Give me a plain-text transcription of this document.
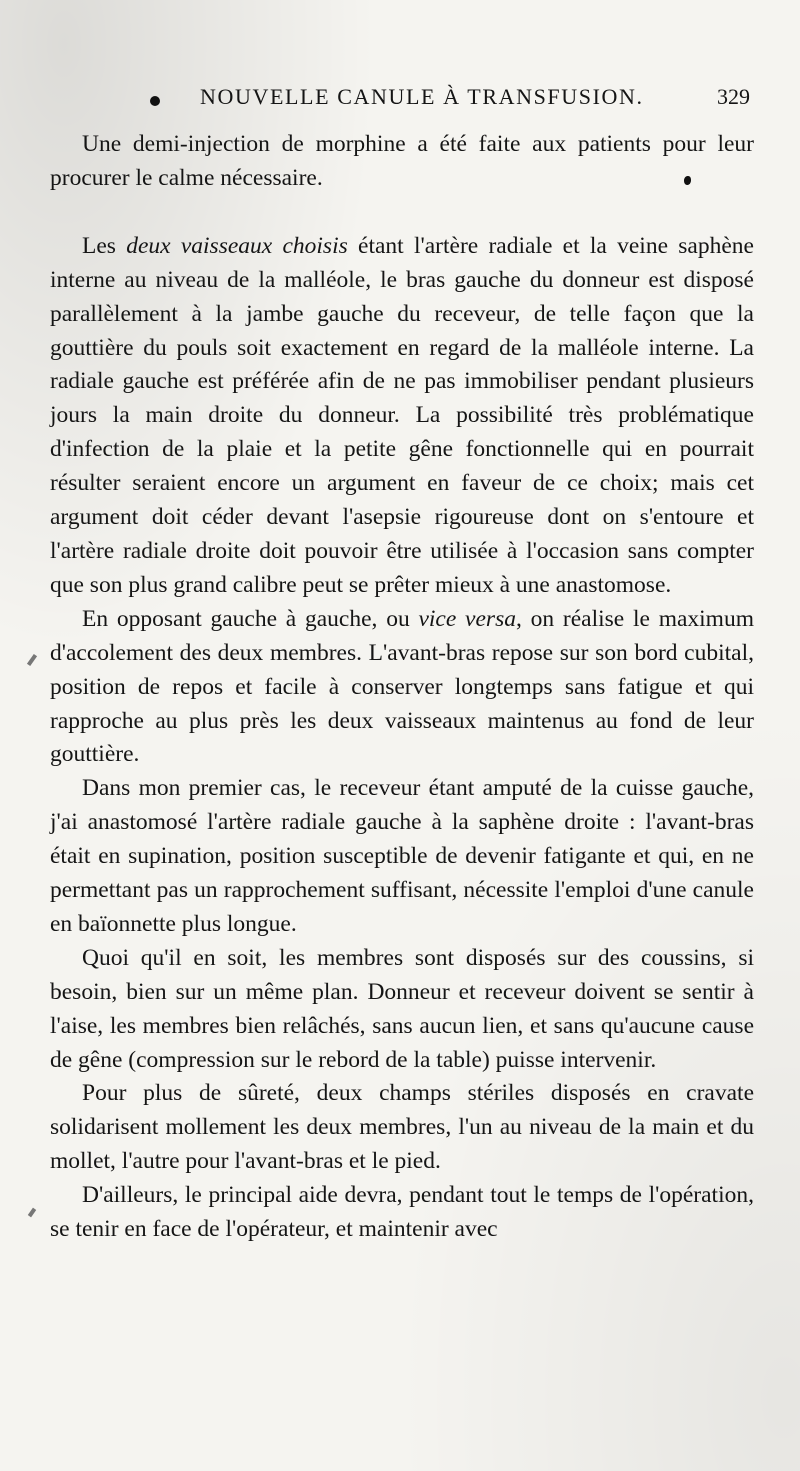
NOUVELLE CANULE À TRANSFUSION.	329

Une demi-injection de morphine a été faite aux patients pour leur procurer le calme nécessaire.

Les deux vaisseaux choisis étant l'artère radiale et la veine saphène interne au niveau de la malléole, le bras gauche du donneur est disposé parallèlement à la jambe gauche du receveur, de telle façon que la gouttière du pouls soit exactement en regard de la malléole interne. La radiale gauche est préférée afin de ne pas immobiliser pendant plusieurs jours la main droite du donneur. La possibilité très problématique d'infection de la plaie et la petite gêne fonctionnelle qui en pourrait résulter seraient encore un argument en faveur de ce choix; mais cet argument doit céder devant l'asepsie rigoureuse dont on s'entoure et l'artère radiale droite doit pouvoir être utilisée à l'occasion sans compter que son plus grand calibre peut se prêter mieux à une anastomose.

En opposant gauche à gauche, ou vice versa, on réalise le maximum d'accolement des deux membres. L'avant-bras repose sur son bord cubital, position de repos et facile à conserver longtemps sans fatigue et qui rapproche au plus près les deux vaisseaux maintenus au fond de leur gouttière.

Dans mon premier cas, le receveur étant amputé de la cuisse gauche, j'ai anastomosé l'artère radiale gauche à la saphène droite : l'avant-bras était en supination, position susceptible de devenir fatigante et qui, en ne permettant pas un rapprochement suffisant, nécessite l'emploi d'une canule en baïonnette plus longue.

Quoi qu'il en soit, les membres sont disposés sur des coussins, si besoin, bien sur un même plan. Donneur et receveur doivent se sentir à l'aise, les membres bien relâchés, sans aucun lien, et sans qu'aucune cause de gêne (compression sur le rebord de la table) puisse intervenir.

Pour plus de sûreté, deux champs stériles disposés en cravate solidarisent mollement les deux membres, l'un au niveau de la main et du mollet, l'autre pour l'avant-bras et le pied.

D'ailleurs, le principal aide devra, pendant tout le temps de l'opération, se tenir en face de l'opérateur, et maintenir avec
